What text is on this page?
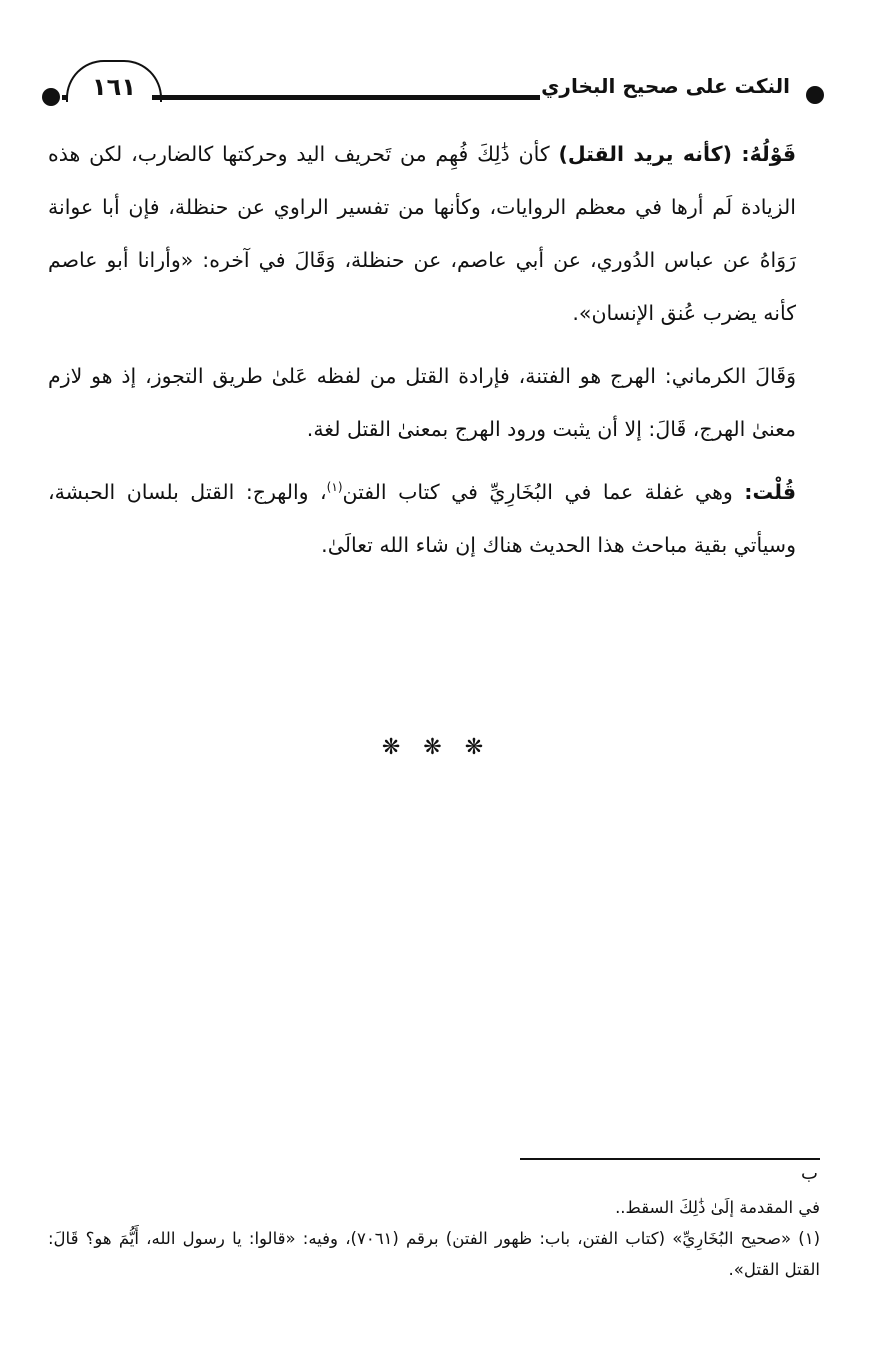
١٦١	النكت على صحيح البخاري

قَوْلُهُ: (كأنه يريد القتل) كأن ذَٰلِكَ فُهِم من تَحريف اليد وحركتها كالضارب، لكن هذه الزيادة لَم أرها في معظم الروايات، وكأنها من تفسير الراوي عن حنظلة، فإن أبا عوانة رَوَاهُ عن عباس الدُوري، عن أبي عاصم، عن حنظلة، وَقَالَ في آخره: «وأرانا أبو عاصم كأنه يضرب عُنق الإنسان».

وَقَالَ الكرماني: الهرج هو الفتنة، فإرادة القتل من لفظه عَلىٰ طريق التجوز، إذ هو لازم معنىٰ الهرج، قَالَ: إلا أن يثبت ورود الهرج بمعنىٰ القتل لغة.

قُلْت: وهي غفلة عما في البُخَارِيِّ في كتاب الفتن$^{(١)}$، والهرج: القتل بلسان الحبشة، وسيأتي بقية مباحث هذا الحديث هناك إن شاء الله تعالَىٰ.

❋ ❋ ❋
ب

في المقدمة إلَىٰ ذَٰلِكَ السقط..

(١) «صحيح البُخَارِيِّ» (كتاب الفتن، باب: ظهور الفتن) برقم (٧٠٦١)، وفيه: «قالوا: يا رسول الله، أَيُّمَ هو؟ قَالَ: القتل القتل».
